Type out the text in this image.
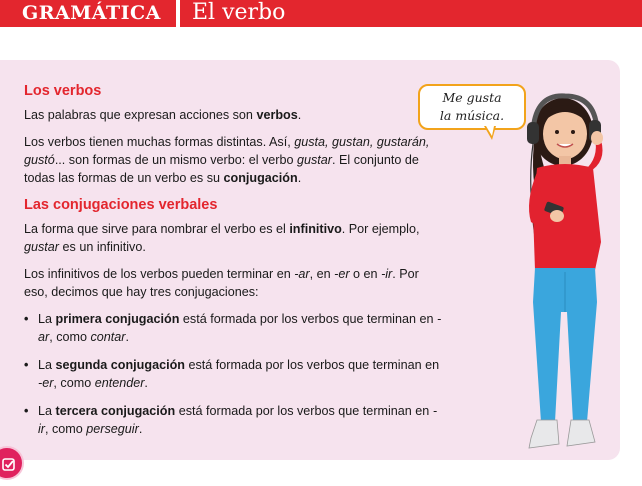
GRAMÁTICA	El verbo
Los verbos

Las palabras que expresan acciones son verbos.

Los verbos tienen muchas formas distintas. Así, gusta, gustan, gustarán, gustó... son formas de un mismo verbo: el verbo gustar. El conjunto de todas las formas de un verbo es su conjugación.

Las conjugaciones verbales

La forma que sirve para nombrar el verbo es el infinitivo. Por ejemplo, gustar es un infinitivo.

Los infinitivos de los verbos pueden terminar en -ar, en -er o en -ir. Por eso, decimos que hay tres conjugaciones:

• La primera conjugación está formada por los verbos que terminan en -ar, como contar.
• La segunda conjugación está formada por los verbos que terminan en -er, como entender.
• La tercera conjugación está formada por los verbos que terminan en -ir, como perseguir.
Me gusta
la música.
